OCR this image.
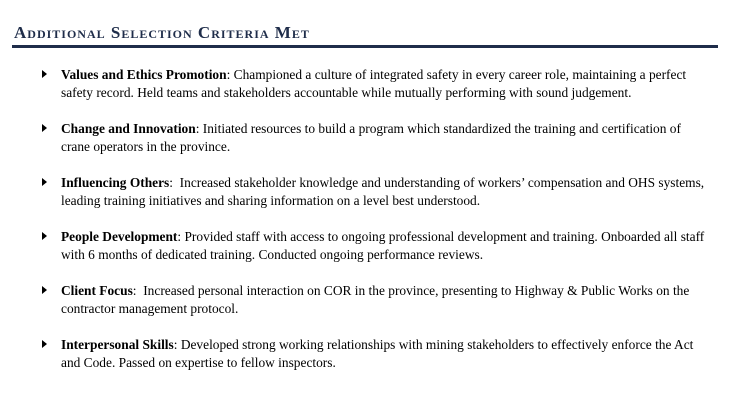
Additional Selection Criteria Met
Values and Ethics Promotion: Championed a culture of integrated safety in every career role, maintaining a perfect safety record. Held teams and stakeholders accountable while mutually performing with sound judgement.
Change and Innovation: Initiated resources to build a program which standardized the training and certification of crane operators in the province.
Influencing Others:  Increased stakeholder knowledge and understanding of workers’ compensation and OHS systems, leading training initiatives and sharing information on a level best understood.
People Development: Provided staff with access to ongoing professional development and training. Onboarded all staff with 6 months of dedicated training. Conducted ongoing performance reviews.
Client Focus:  Increased personal interaction on COR in the province, presenting to Highway & Public Works on the contractor management protocol.
Interpersonal Skills: Developed strong working relationships with mining stakeholders to effectively enforce the Act and Code. Passed on expertise to fellow inspectors.
